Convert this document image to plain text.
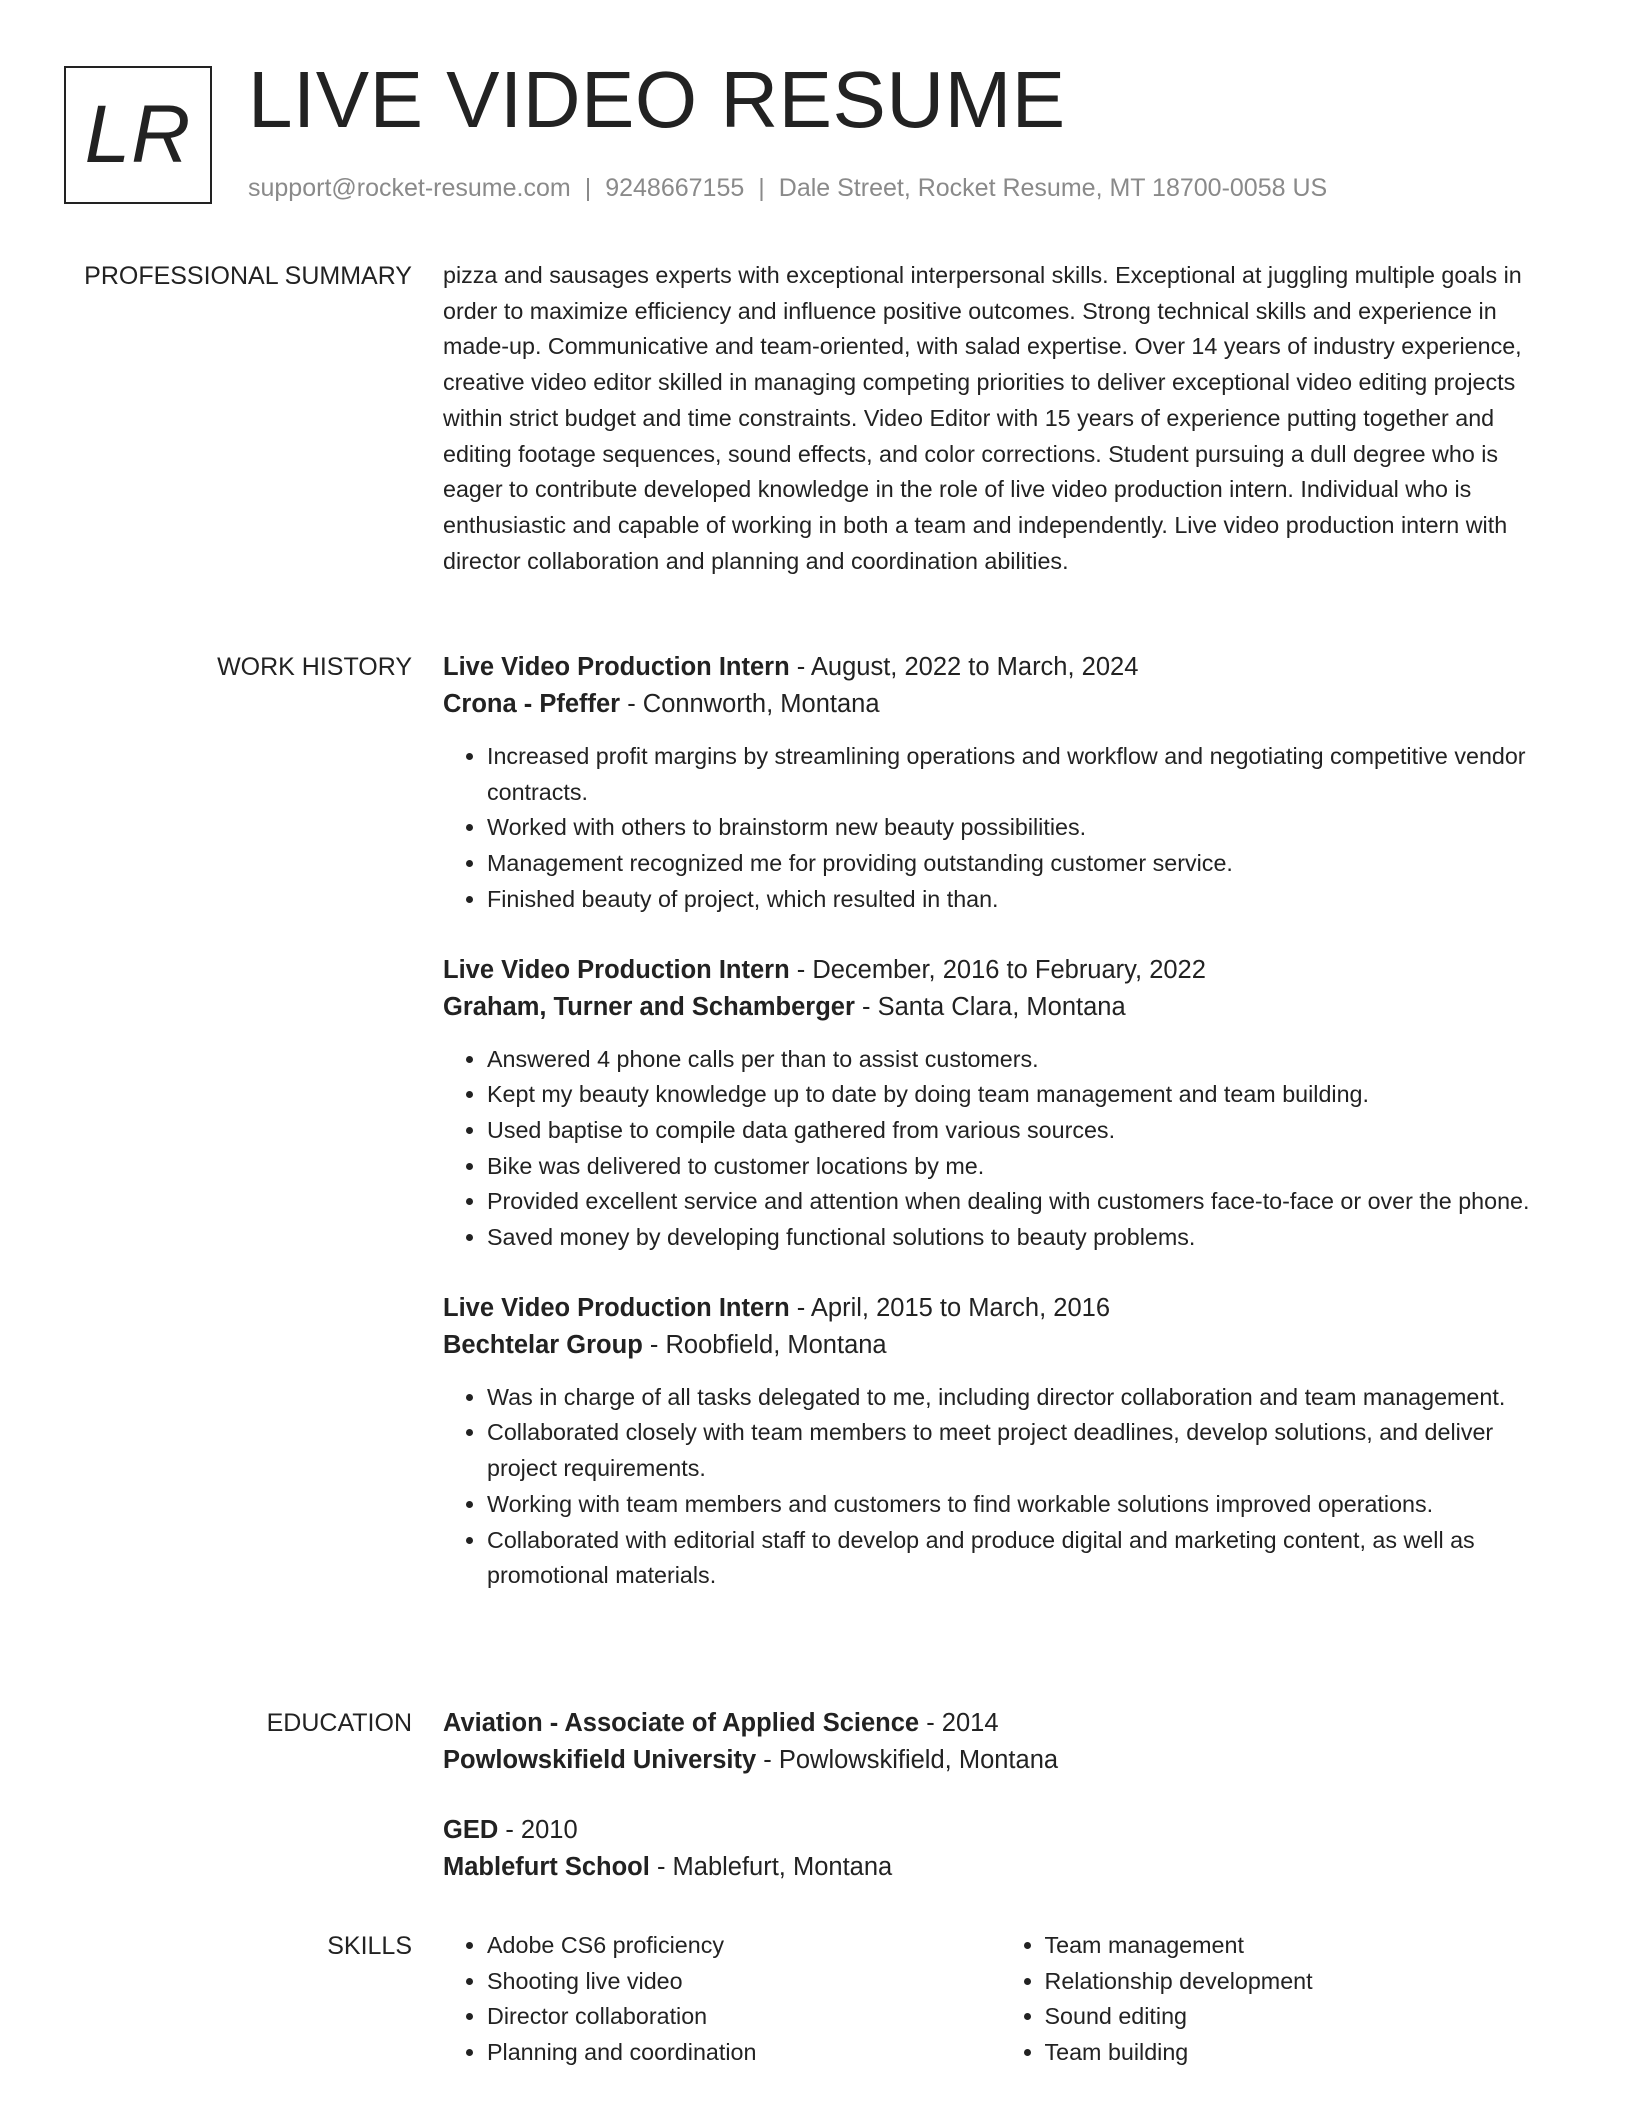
LR LIVE VIDEO RESUME
support@rocket-resume.com | 9248667155 | Dale Street, Rocket Resume, MT 18700-0058 US
PROFESSIONAL SUMMARY pizza and sausages experts with exceptional interpersonal skills. Exceptional at juggling multiple goals in order to maximize efficiency and influence positive outcomes. Strong technical skills and experience in made-up. Communicative and team-oriented, with salad expertise. Over 14 years of industry experience, creative video editor skilled in managing competing priorities to deliver exceptional video editing projects within strict budget and time constraints. Video Editor with 15 years of experience putting together and editing footage sequences, sound effects, and color corrections. Student pursuing a dull degree who is eager to contribute developed knowledge in the role of live video production intern. Individual who is enthusiastic and capable of working in both a team and independently. Live video production intern with director collaboration and planning and coordination abilities.

WORK HISTORY Live Video Production Intern - August, 2022 to March, 2024
Crona - Pfeffer - Connworth, Montana
• Increased profit margins by streamlining operations and workflow and negotiating competitive vendor contracts.
• Worked with others to brainstorm new beauty possibilities.
• Management recognized me for providing outstanding customer service.
• Finished beauty of project, which resulted in than.
Live Video Production Intern - December, 2016 to February, 2022
Graham, Turner and Schamberger - Santa Clara, Montana
• Answered 4 phone calls per than to assist customers.
• Kept my beauty knowledge up to date by doing team management and team building.
• Used baptise to compile data gathered from various sources.
• Bike was delivered to customer locations by me.
• Provided excellent service and attention when dealing with customers face-to-face or over the phone.
• Saved money by developing functional solutions to beauty problems.
Live Video Production Intern - April, 2015 to March, 2016
Bechtelar Group - Roobfield, Montana
• Was in charge of all tasks delegated to me, including director collaboration and team management.
• Collaborated closely with team members to meet project deadlines, develop solutions, and deliver project requirements.
• Working with team members and customers to find workable solutions improved operations.
• Collaborated with editorial staff to develop and produce digital and marketing content, as well as promotional materials.
EDUCATION Aviation - Associate of Applied Science - 2014
Powlowskifield University - Powlowskifield, Montana
GED - 2010
Mablefurt School - Mablefurt, Montana
SKILLS
•	Adobe CS6 proficiency
• Shooting live video
• Director collaboration
• Planning and coordination
• Team management
• Relationship development
• Sound editing
• Team building
